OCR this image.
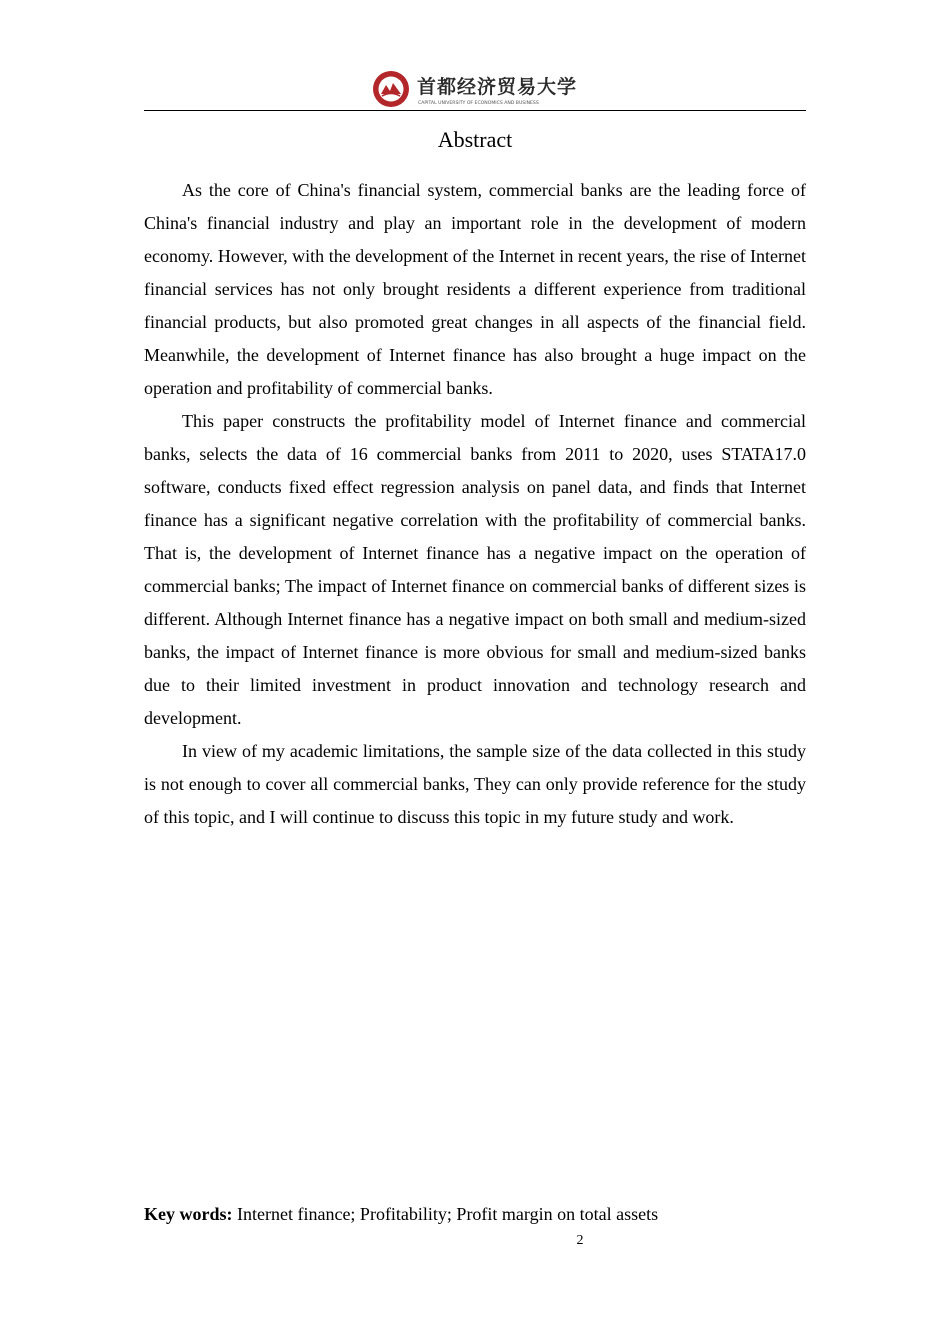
首都经济贸易大学
CAPITAL UNIVERSITY OF ECONOMICS AND BUSINESS
Abstract

As the core of China's financial system, commercial banks are the leading force of China's financial industry and play an important role in the development of modern economy. However, with the development of the Internet in recent years, the rise of Internet financial services has not only brought residents a different experience from traditional financial products, but also promoted great changes in all aspects of the financial field. Meanwhile, the development of Internet finance has also brought a huge impact on the operation and profitability of commercial banks.

This paper constructs the profitability model of Internet finance and commercial banks, selects the data of 16 commercial banks from 2011 to 2020, uses STATA17.0 software, conducts fixed effect regression analysis on panel data, and finds that Internet finance has a significant negative correlation with the profitability of commercial banks. That is, the development of Internet finance has a negative impact on the operation of commercial banks; The impact of Internet finance on commercial banks of different sizes is different. Although Internet finance has a negative impact on both small and medium-sized banks, the impact of Internet finance is more obvious for small and medium-sized banks due to their limited investment in product innovation and technology research and development.

In view of my academic limitations, the sample size of the data collected in this study is not enough to cover all commercial banks, They can only provide reference for the study of this topic, and I will continue to discuss this topic in my future study and work.

Key words: Internet finance; Profitability; Profit margin on total assets
2
